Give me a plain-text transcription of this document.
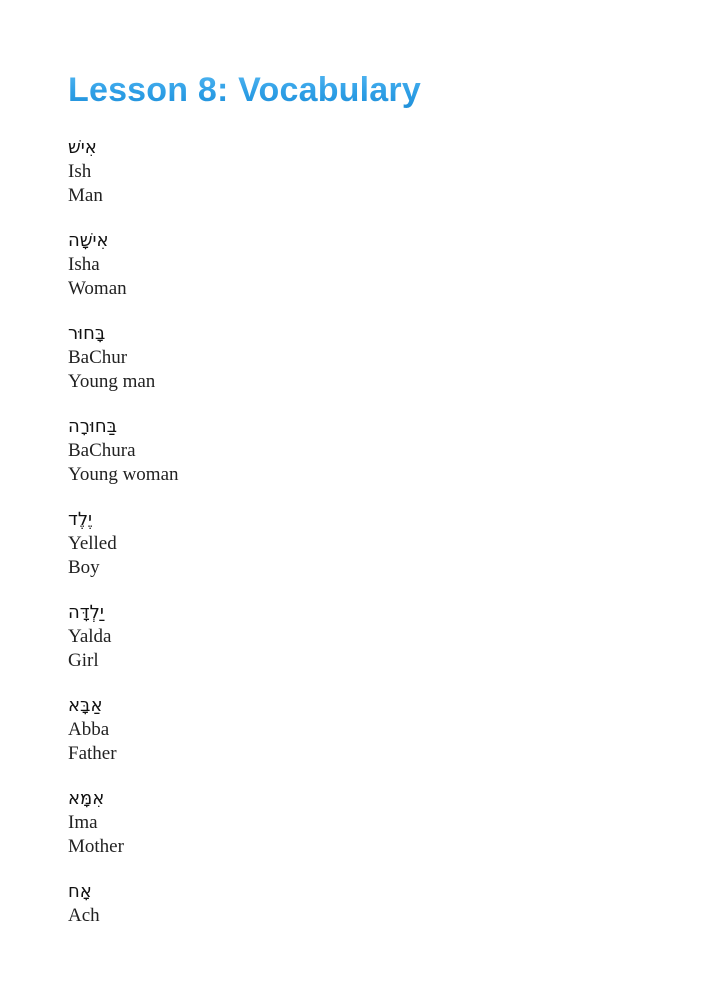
Lesson 8: Vocabulary
אִישׁ
Ish
Man
אִישָׁה
Isha
Woman
בָּחוּר
BaChur
Young man
בַּחוּרָה
BaChura
Young woman
יֶלֶד
Yelled
Boy
יַלְדָּה
Yalda
Girl
אַבָּא
Abba
Father
אִמָּא
Ima
Mother
אָח
Ach
